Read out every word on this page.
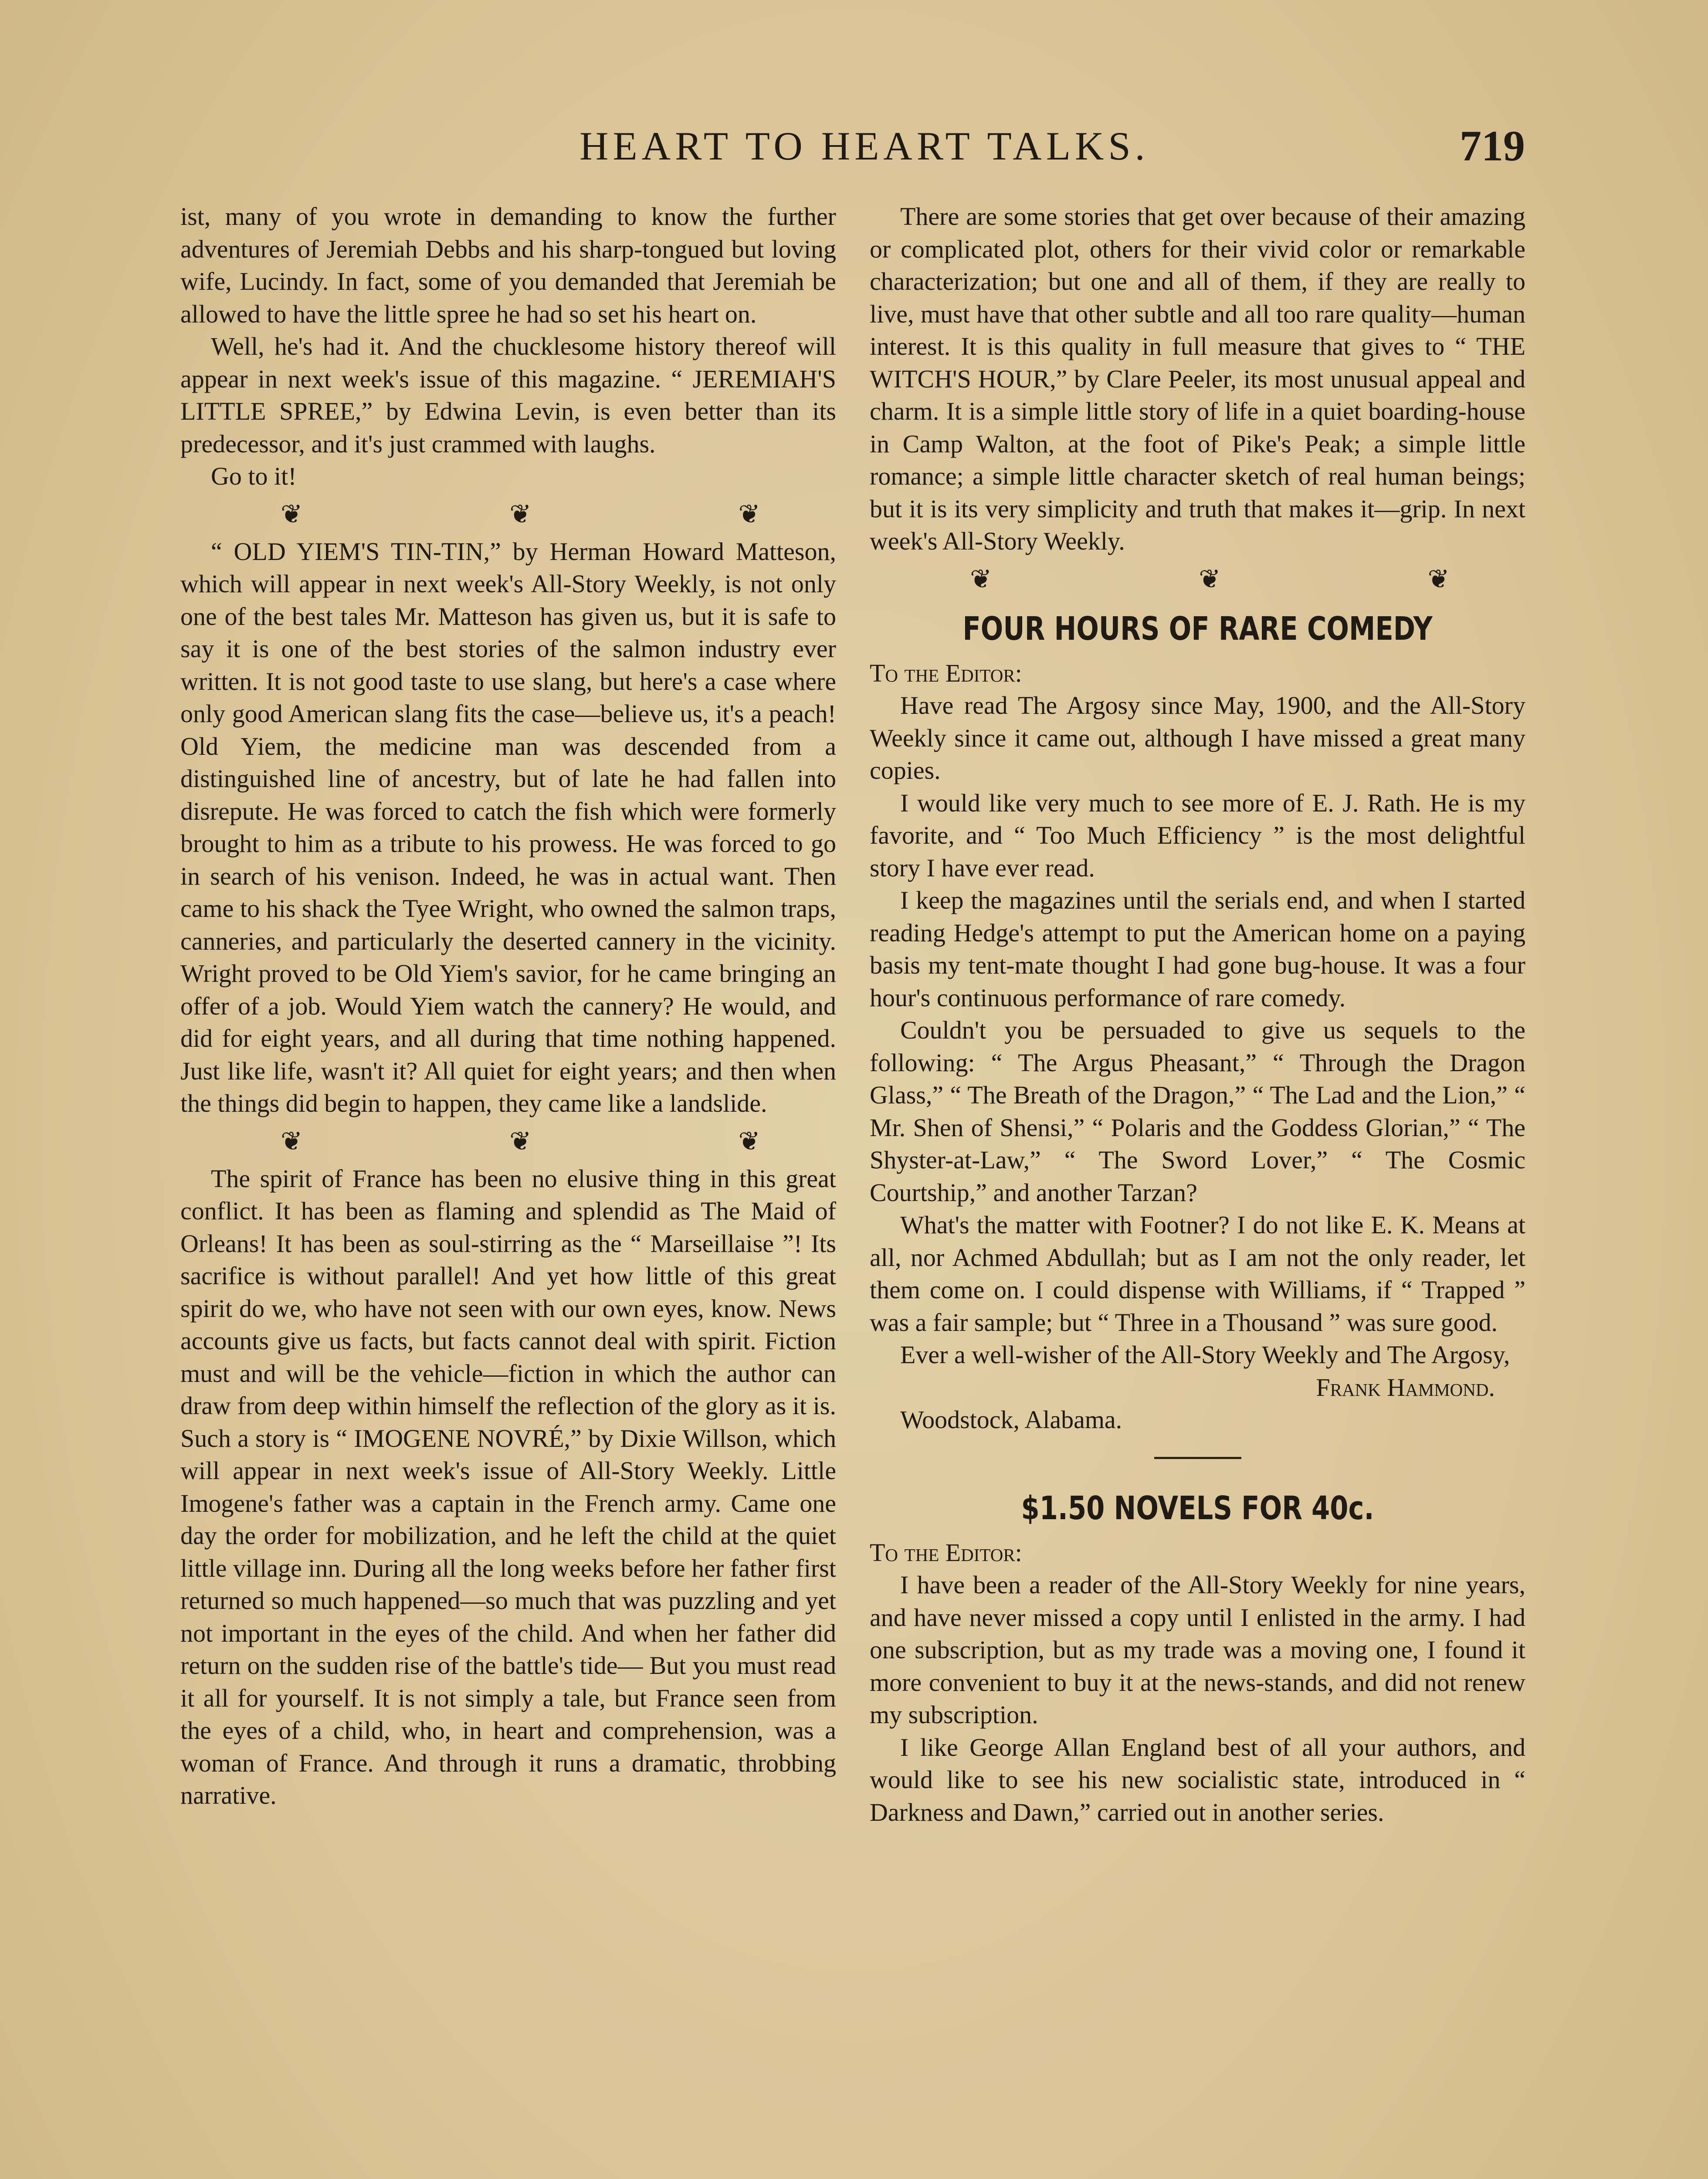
HEART TO HEART TALKS.	719

ist, many of you wrote in demanding to know the further adventures of Jeremiah Debbs and his sharp-tongued but loving wife, Lucindy. In fact, some of you demanded that Jeremiah be allowed to have the little spree he had so set his heart on.

Well, he's had it. And the chucklesome history thereof will appear in next week's issue of this magazine. “ JEREMIAH'S LITTLE SPREE,” by Edwina Levin, is even better than its predecessor, and it's just crammed with laughs.

Go to it!

❦ ❦ ❦

“ OLD YIEM'S TIN-TIN,” by Herman Howard Matteson, which will appear in next week's All-Story Weekly, is not only one of the best tales Mr. Matteson has given us, but it is safe to say it is one of the best stories of the salmon industry ever written. It is not good taste to use slang, but here's a case where only good American slang fits the case—believe us, it's a peach! Old Yiem, the medicine man was descended from a distinguished line of ancestry, but of late he had fallen into disrepute. He was forced to catch the fish which were formerly brought to him as a tribute to his prowess. He was forced to go in search of his venison. Indeed, he was in actual want. Then came to his shack the Tyee Wright, who owned the salmon traps, canneries, and particularly the deserted cannery in the vicinity. Wright proved to be Old Yiem's savior, for he came bringing an offer of a job. Would Yiem watch the cannery? He would, and did for eight years, and all during that time nothing happened. Just like life, wasn't it? All quiet for eight years; and then when the things did begin to happen, they came like a landslide.

❦ ❦ ❦

The spirit of France has been no elusive thing in this great conflict. It has been as flaming and splendid as The Maid of Orleans! It has been as soul-stirring as the “ Marseillaise ”! Its sacrifice is without parallel! And yet how little of this great spirit do we, who have not seen with our own eyes, know. News accounts give us facts, but facts cannot deal with spirit. Fiction must and will be the vehicle—fiction in which the author can draw from deep within himself the reflection of the glory as it is. Such a story is “ IMOGENE NOVRÉ,” by Dixie Willson, which will appear in next week's issue of All-Story Weekly. Little Imogene's father was a captain in the French army. Came one day the order for mobilization, and he left the child at the quiet little village inn. During all the long weeks before her father first returned so much happened—so much that was puzzling and yet not important in the eyes of the child. And when her father did return on the sudden rise of the battle's tide— But you must read it all for yourself. It is not simply a tale, but France seen from the eyes of a child, who, in heart and comprehension, was a woman of France. And through it runs a dramatic, throbbing narrative.

There are some stories that get over because of their amazing or complicated plot, others for their vivid color or remarkable characterization; but one and all of them, if they are really to live, must have that other subtle and all too rare quality—human interest. It is this quality in full measure that gives to “ THE WITCH'S HOUR,” by Clare Peeler, its most unusual appeal and charm. It is a simple little story of life in a quiet boarding-house in Camp Walton, at the foot of Pike's Peak; a simple little romance; a simple little character sketch of real human beings; but it is its very simplicity and truth that makes it—grip. In next week's All-Story Weekly.

❦ ❦ ❦
FOUR HOURS OF RARE COMEDY

To the Editor:

Have read The Argosy since May, 1900, and the All-Story Weekly since it came out, although I have missed a great many copies.

I would like very much to see more of E. J. Rath. He is my favorite, and “ Too Much Efficiency ” is the most delightful story I have ever read.

I keep the magazines until the serials end, and when I started reading Hedge's attempt to put the American home on a paying basis my tent-mate thought I had gone bug-house. It was a four hour's continuous performance of rare comedy.

Couldn't you be persuaded to give us sequels to the following: “ The Argus Pheasant,” “ Through the Dragon Glass,” “ The Breath of the Dragon,” “ The Lad and the Lion,” “ Mr. Shen of Shensi,” “ Polaris and the Goddess Glorian,” “ The Shyster-at-Law,” “ The Sword Lover,” “ The Cosmic Courtship,” and another Tarzan?

What's the matter with Footner? I do not like E. K. Means at all, nor Achmed Abdullah; but as I am not the only reader, let them come on. I could dispense with Williams, if “ Trapped ” was a fair sample; but “ Three in a Thousand ” was sure good.

Ever a well-wisher of the All-Story Weekly and The Argosy,

Frank Hammond.

Woodstock, Alabama.

$1.50 NOVELS FOR 40c.

To the Editor:

I have been a reader of the All-Story Weekly for nine years, and have never missed a copy until I enlisted in the army. I had one subscription, but as my trade was a moving one, I found it more convenient to buy it at the news-stands, and did not renew my subscription.

I like George Allan England best of all your authors, and would like to see his new socialistic state, introduced in “ Darkness and Dawn,” carried out in another series.
